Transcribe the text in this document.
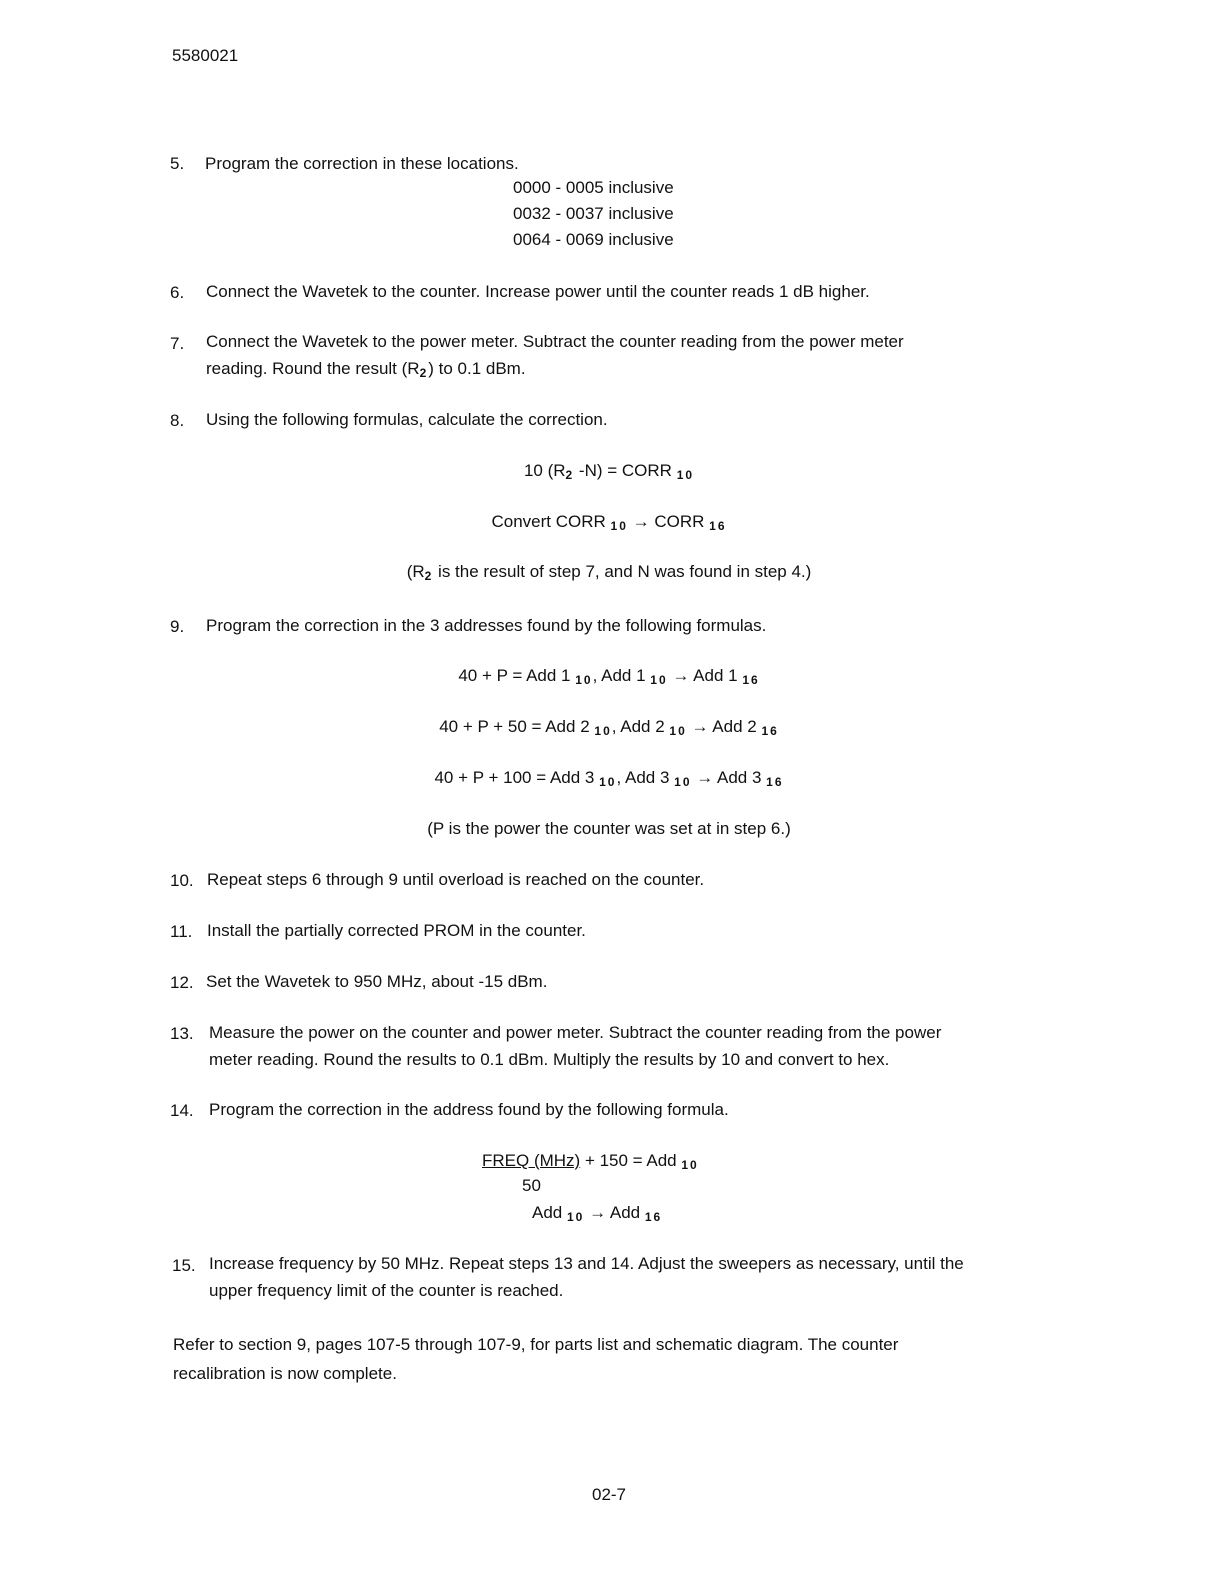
5580021
5. Program the correction in these locations.
0000 - 0005 inclusive
0032 - 0037 inclusive
0064 - 0069 inclusive
6. Connect the Wavetek to the counter. Increase power until the counter reads 1 dB higher.
7. Connect the Wavetek to the power meter. Subtract the counter reading from the power meter
reading. Round the result $(R_2)$ to 0.1 dBm.
8. Using the following formulas, calculate the correction.
10 ($R_2$ -N) = CORR $_{10}$
Convert CORR $_{10}$ → CORR $_{16}$
($R_2$ is the result of step 7, and N was found in step 4.)
9. Program the correction in the 3 addresses found by the following formulas.
40 + P = Add 1 $_{10}$, Add 1 $_{10}$ → Add 1 $_{16}$
40 + P + 50 = Add 2 $_{10}$, Add 2 $_{10}$ → Add 2 $_{16}$
40 + P + 100 = Add 3 $_{10}$, Add 3 $_{10}$ → Add 3 $_{16}$
(P is the power the counter was set at in step 6.)
10. Repeat steps 6 through 9 until overload is reached on the counter.
11. Install the partially corrected PROM in the counter.
12. Set the Wavetek to 950 MHz, about -15 dBm.
13. Measure the power on the counter and power meter. Subtract the counter reading from the power
meter reading. Round the results to 0.1 dBm. Multiply the results by 10 and convert to hex.
14. Program the correction in the address found by the following formula.
FREQ (MHz) + 150 = Add $_{10}$
50
Add $_{10}$ → Add $_{16}$
15. Increase frequency by 50 MHz. Repeat steps 13 and 14. Adjust the sweepers as necessary, until the
upper frequency limit of the counter is reached.
Refer to section 9, pages 107-5 through 107-9, for parts list and schematic diagram. The counter
recalibration is now complete.
02-7
